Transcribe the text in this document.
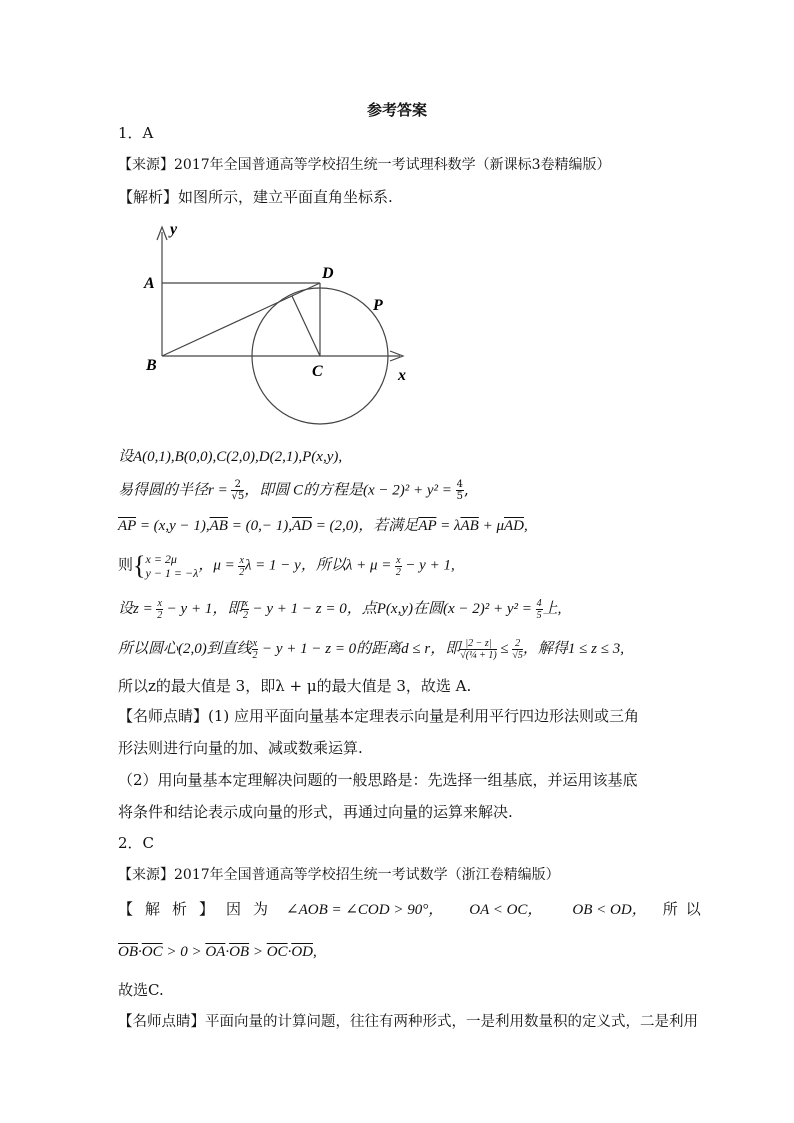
参考答案
1．A
【来源】2017年全国普通高等学校招生统一考试理科数学（新课标3卷精编版）
【解析】如图所示，建立平面直角坐标系.
y
A
D
P
B	C	x
设A(0,1),B(0,0),C(2,0),D(2,1),P(x,y),
易得圆的半径$r = \frac{2}{√5}$ ，即圆 C的方程是$(x - 2)^2 + y^2 = \frac{4}{5}$ ,
$\overline{AP} = (x,y - 1),\overline{AB} = (0,- 1),\overline{AD} = (2,0)$，若满足$\overline{AP} = \lambda\overline{AB} + \mu\overline{AD}$,
则{ x = 2μ
y − 1 = −λ ，$\mu = \frac{x}{2}$ λ = 1 − y，所以$\lambda + \mu = \frac{x}{2} - y + 1$,
设$z = \frac{x}{2} - y + 1$，即 $\frac{x}{2} - y + 1 - z = 0$，点P(x,y)在圆$(x - 2)^2 + y^2 = \frac{4}{5}$ 上,
所以圆心(2,0)到直线 $\frac{x}{2} - y + 1 - z = 0$的距离d ≤ r，即 $\frac{|2 - z|}{\text{√(¼ + 1)}} \le \frac{2}{√5}$ ，解得1 ≤ z ≤ 3,
所以z的最大值是 3，即λ + μ的最大值是 3，故选 A.
【名师点睛】(1) 应用平面向量基本定理表示向量是利用平行四边形法则或三角
形法则进行向量的加、减或数乘运算.
（2）用向量基本定理解决问题的一般思路是：先选择一组基底，并运用该基底
将条件和结论表示成向量的形式，再通过向量的运算来解决.
2．C
【来源】2017年全国普通高等学校招生统一考试数学（浙江卷精编版）
【解析】因为 ∠AOB = ∠COD > 90°， OA < OC， OB < OD， 所以
$\overline{OB}\cdot\overline{OC} > 0 > \overline{OA}\cdot\overline{OB} > \overline{OC}\cdot\overline{OD}$,
故选C.
【名师点睛】平面向量的计算问题，往往有两种形式，一是利用数量积的定义式，二是利用
